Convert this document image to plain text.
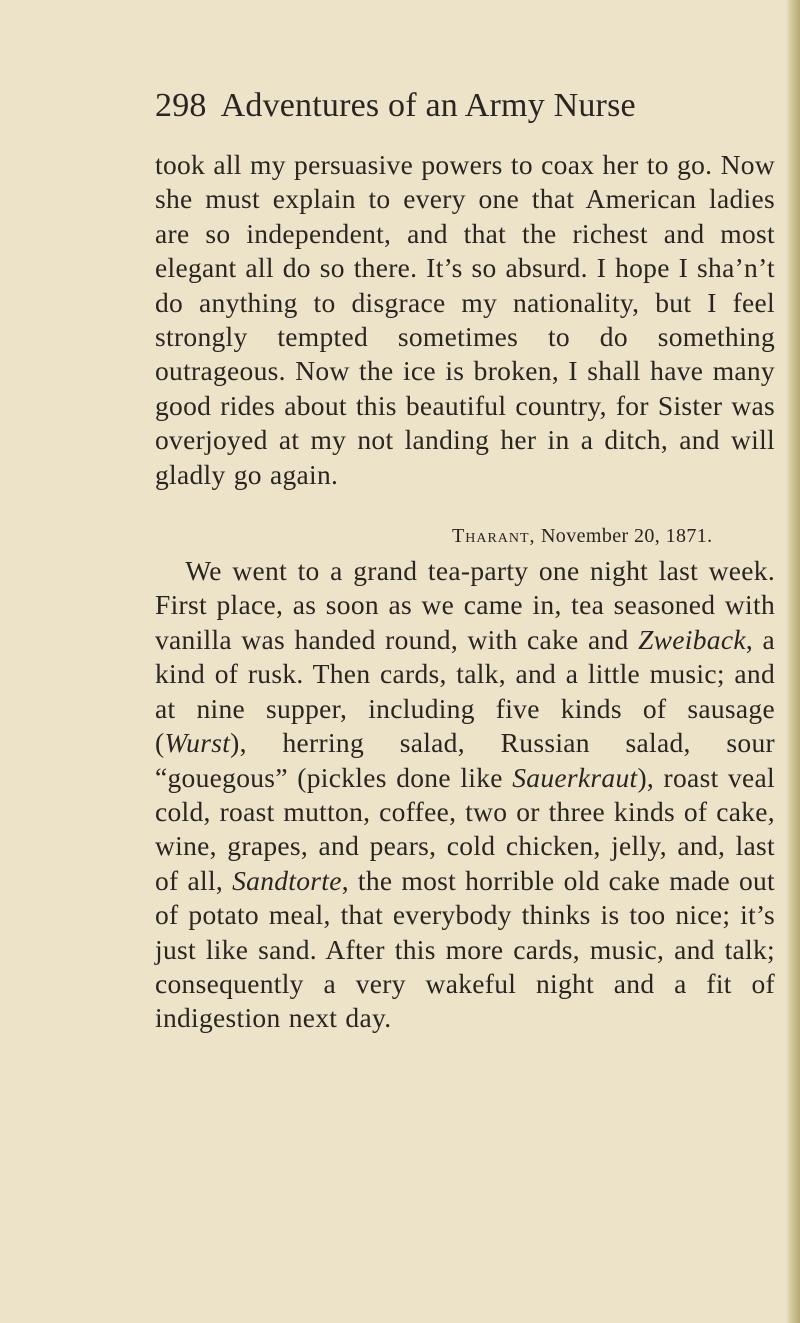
298 Adventures of an Army Nurse

took all my persuasive powers to coax her to go. Now she must explain to every one that American ladies are so independent, and that the richest and most elegant all do so there. It’s so absurd. I hope I sha’n’t do anything to disgrace my nationality, but I feel strongly tempted sometimes to do something outrageous. Now the ice is broken, I shall have many good rides about this beautiful country, for Sister was overjoyed at my not landing her in a ditch, and will gladly go again.

Tharant, November 20, 1871.

We went to a grand tea-party one night last week. First place, as soon as we came in, tea seasoned with vanilla was handed round, with cake and Zweiback, a kind of rusk. Then cards, talk, and a little music; and at nine supper, including five kinds of sausage (Wurst), herring salad, Russian salad, sour “gouegous” (pickles done like Sauerkraut), roast veal cold, roast mutton, coffee, two or three kinds of cake, wine, grapes, and pears, cold chicken, jelly, and, last of all, Sandtorte, the most horrible old cake made out of potato meal, that everybody thinks is too nice; it’s just like sand. After this more cards, music, and talk; consequently a very wakeful night and a fit of indigestion next day.
